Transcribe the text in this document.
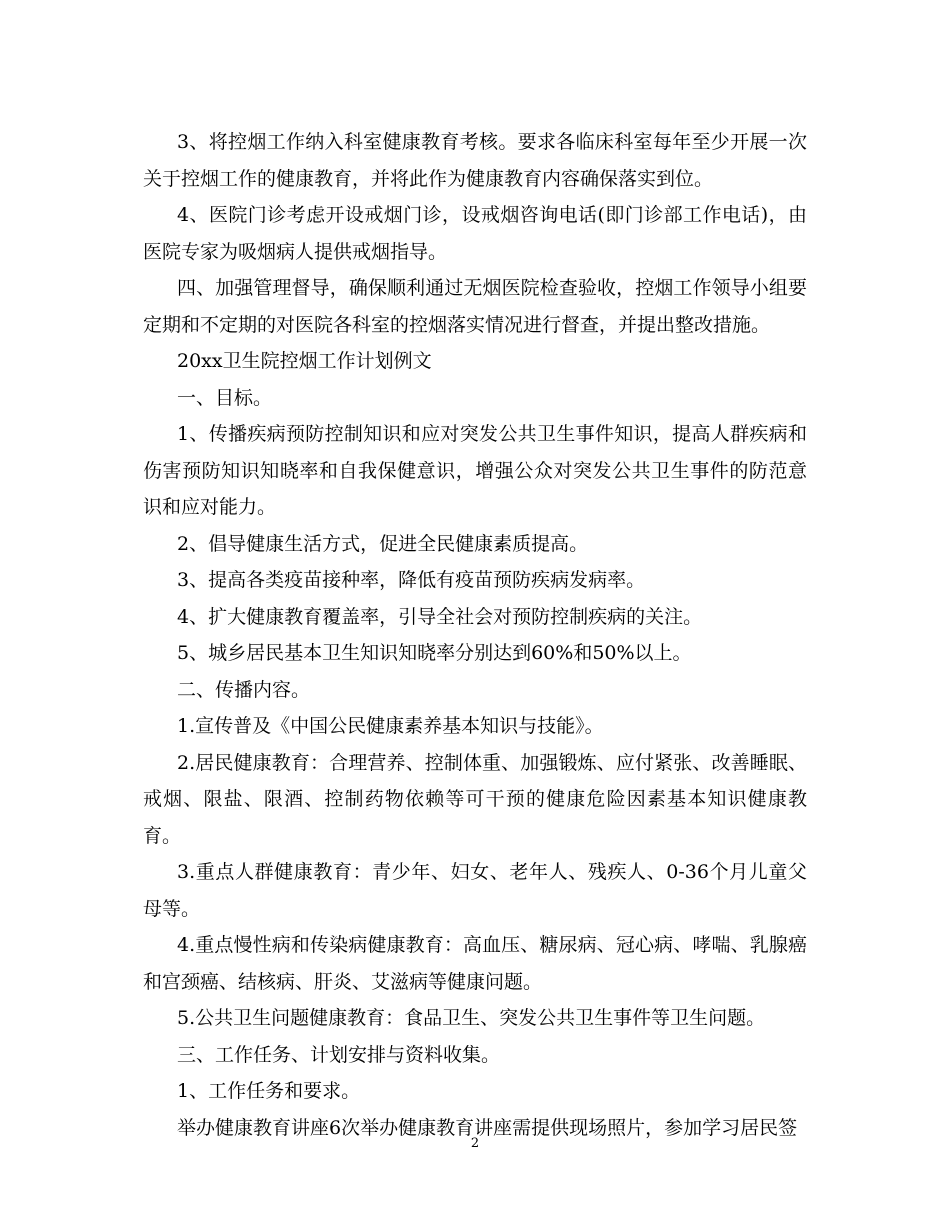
3、将控烟工作纳入科室健康教育考核。要求各临床科室每年至少开展一次关于控烟工作的健康教育，并将此作为健康教育内容确保落实到位。

4、医院门诊考虑开设戒烟门诊，设戒烟咨询电话(即门诊部工作电话)，由医院专家为吸烟病人提供戒烟指导。

四、加强管理督导，确保顺利通过无烟医院检查验收，控烟工作领导小组要定期和不定期的对医院各科室的控烟落实情况进行督查，并提出整改措施。

20xx卫生院控烟工作计划例文

一、目标。

1、传播疾病预防控制知识和应对突发公共卫生事件知识，提高人群疾病和伤害预防知识知晓率和自我保健意识，增强公众对突发公共卫生事件的防范意识和应对能力。

2、倡导健康生活方式，促进全民健康素质提高。

3、提高各类疫苗接种率，降低有疫苗预防疾病发病率。

4、扩大健康教育覆盖率，引导全社会对预防控制疾病的关注。

5、城乡居民基本卫生知识知晓率分别达到60%和50%以上。

二、传播内容。

1.宣传普及《中国公民健康素养基本知识与技能》。

2.居民健康教育：合理营养、控制体重、加强锻炼、应付紧张、改善睡眠、戒烟、限盐、限酒、控制药物依赖等可干预的健康危险因素基本知识健康教育。

3.重点人群健康教育：青少年、妇女、老年人、残疾人、0-36个月儿童父母等。

4.重点慢性病和传染病健康教育：高血压、糖尿病、冠心病、哮喘、乳腺癌和宫颈癌、结核病、肝炎、艾滋病等健康问题。

5.公共卫生问题健康教育：食品卫生、突发公共卫生事件等卫生问题。

三、工作任务、计划安排与资料收集。

1、工作任务和要求。

举办健康教育讲座6次举办健康教育讲座需提供现场照片，参加学习居民签

2
